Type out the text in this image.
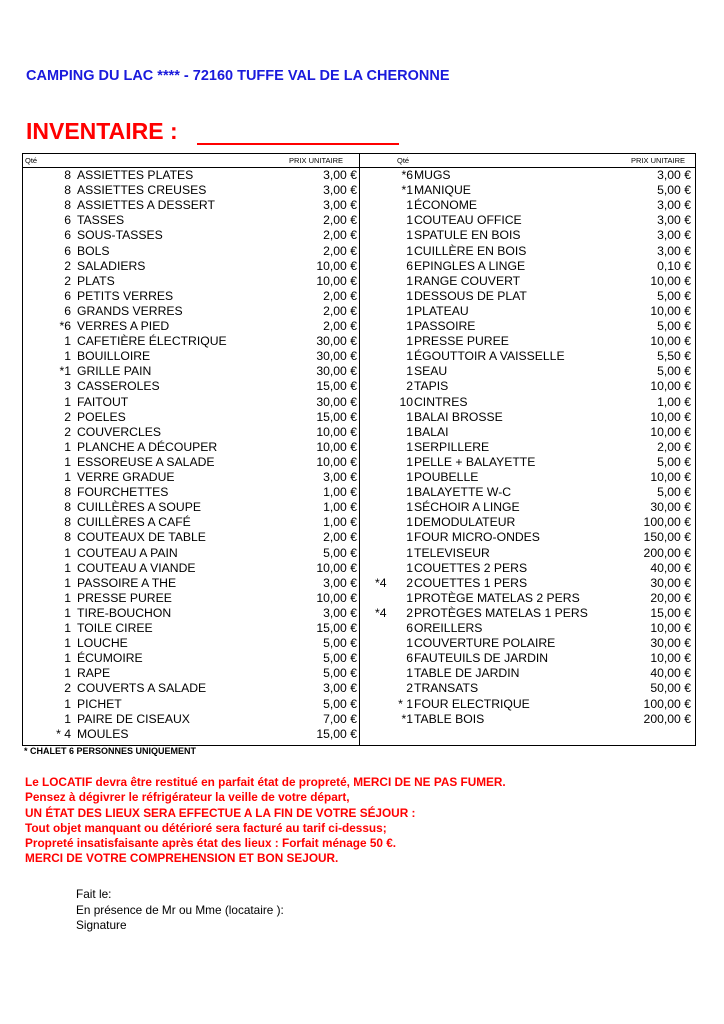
CAMPING DU LAC **** - 72160 TUFFE VAL DE LA CHERONNE
INVENTAIRE :
Qté	PRIX UNITAIRE	Qté	PRIX UNITAIRE
8 ASSIETTES PLATES	3,00 €
8 ASSIETTES CREUSES	3,00 €
8 ASSIETTES A DESSERT	3,00 €
6 TASSES	2,00 €
6 SOUS-TASSES	2,00 €
6 BOLS	2,00 €
2 SALADIERS	10,00 €
2 PLATS	10,00 €
6 PETITS VERRES	2,00 €
6 GRANDS VERRES	2,00 €
*6 VERRES A PIED	2,00 €
1 CAFETIÈRE ÉLECTRIQUE	30,00 €
1 BOUILLOIRE	30,00 €
*1 GRILLE PAIN	30,00 €
3 CASSEROLES	15,00 €
1 FAITOUT	30,00 €
2 POELES	15,00 €
2 COUVERCLES	10,00 €
1 PLANCHE A DÉCOUPER	10,00 €
1 ESSOREUSE A SALADE	10,00 €
1 VERRE GRADUE	3,00 €
8 FOURCHETTES	1,00 €
8 CUILLÈRES A SOUPE	1,00 €
8 CUILLÈRES A CAFÉ	1,00 €
8 COUTEAUX DE TABLE	2,00 €
1 COUTEAU A PAIN	5,00 €
1 COUTEAU A VIANDE	10,00 €
1 PASSOIRE A THE	3,00 €
1 PRESSE PUREE	10,00 €
1 TIRE-BOUCHON	3,00 €
1 TOILE CIREE	15,00 €
1 LOUCHE	5,00 €
1 ÉCUMOIRE	5,00 €
1 RAPE	5,00 €
2 COUVERTS A SALADE	3,00 €
1 PICHET	5,00 €
1 PAIRE DE CISEAUX	7,00 €
* 4 MOULES	15,00 €
*6 MUGS	3,00 €
*1 MANIQUE	5,00 €
1 ÉCONOME	3,00 €
1 COUTEAU OFFICE	3,00 €
1 SPATULE EN BOIS	3,00 €
1 CUILLÈRE EN BOIS	3,00 €
6 EPINGLES A LINGE	0,10 €
1 RANGE COUVERT	10,00 €
1 DESSOUS DE PLAT	5,00 €
1 PLATEAU	10,00 €
1 PASSOIRE	5,00 €
1 PRESSE PUREE	10,00 €
1 ÉGOUTTOIR A VAISSELLE	5,50 €
1 SEAU	5,00 €
2 TAPIS	10,00 €
10 CINTRES	1,00 €
1 BALAI BROSSE	10,00 €
1 BALAI	10,00 €
1 SERPILLERE	2,00 €
1 PELLE + BALAYETTE	5,00 €
1 POUBELLE	10,00 €
1 BALAYETTE W-C	5,00 €
1 SÉCHOIR A LINGE	30,00 €
1 DEMODULATEUR	100,00 €
1 FOUR MICRO-ONDES	150,00 €
1 TELEVISEUR	200,00 €
1 COUETTES 2 PERS	40,00 €
*4	2 COUETTES 1 PERS	30,00 €
1 PROTÈGE MATELAS 2 PERS	20,00 €
*4	2 PROTÈGES MATELAS 1 PERS	15,00 €
6 OREILLERS	10,00 €
1 COUVERTURE POLAIRE	30,00 €
6 FAUTEUILS DE JARDIN	10,00 €
1 TABLE DE JARDIN	40,00 €
2 TRANSATS	50,00 €
* 1 FOUR ELECTRIQUE	100,00 €
*1 TABLE BOIS	200,00 €
* CHALET 6 PERSONNES UNIQUEMENT
Le LOCATIF devra être restitué en parfait état de propreté, MERCI DE NE PAS FUMER.
Pensez à dégivrer le réfrigérateur la veille de votre départ,
UN ÉTAT DES LIEUX SERA EFFECTUE A LA FIN DE VOTRE SÉJOUR :
Tout objet manquant ou détérioré sera facturé au tarif ci-dessus;
Propreté insatisfaisante après état des lieux : Forfait ménage 50 €.
MERCI DE VOTRE COMPREHENSION ET BON SEJOUR.
Fait le:
En présence de Mr ou Mme (locataire ):
Signature
